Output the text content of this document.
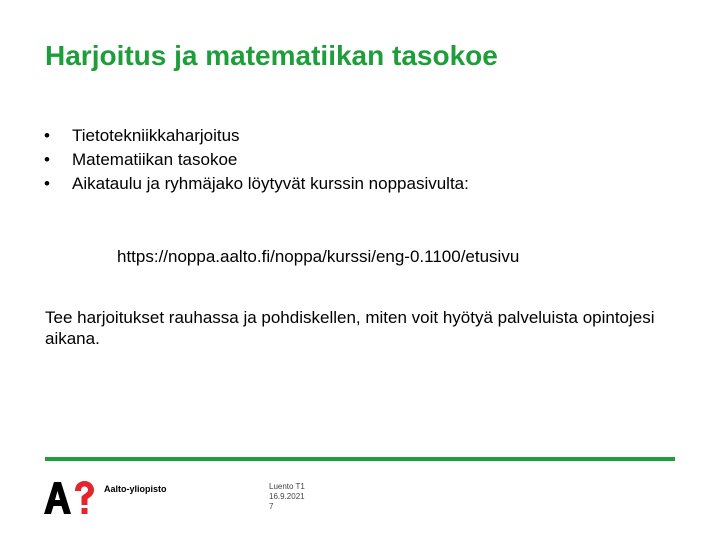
Harjoitus ja matematiikan tasokoe
•	Tietotekniikkaharjoitus
•	Matematiikan tasokoe
•	Aikataulu ja ryhmäjako löytyvät kurssin noppasivulta:
https://noppa.aalto.fi/noppa/kurssi/eng-0.1100/etusivu
Tee harjoitukset rauhassa ja pohdiskellen, miten voit hyötyä palveluista opintojesi aikana.
Aalto-yliopisto	Luento T1
16.9.2021
7
